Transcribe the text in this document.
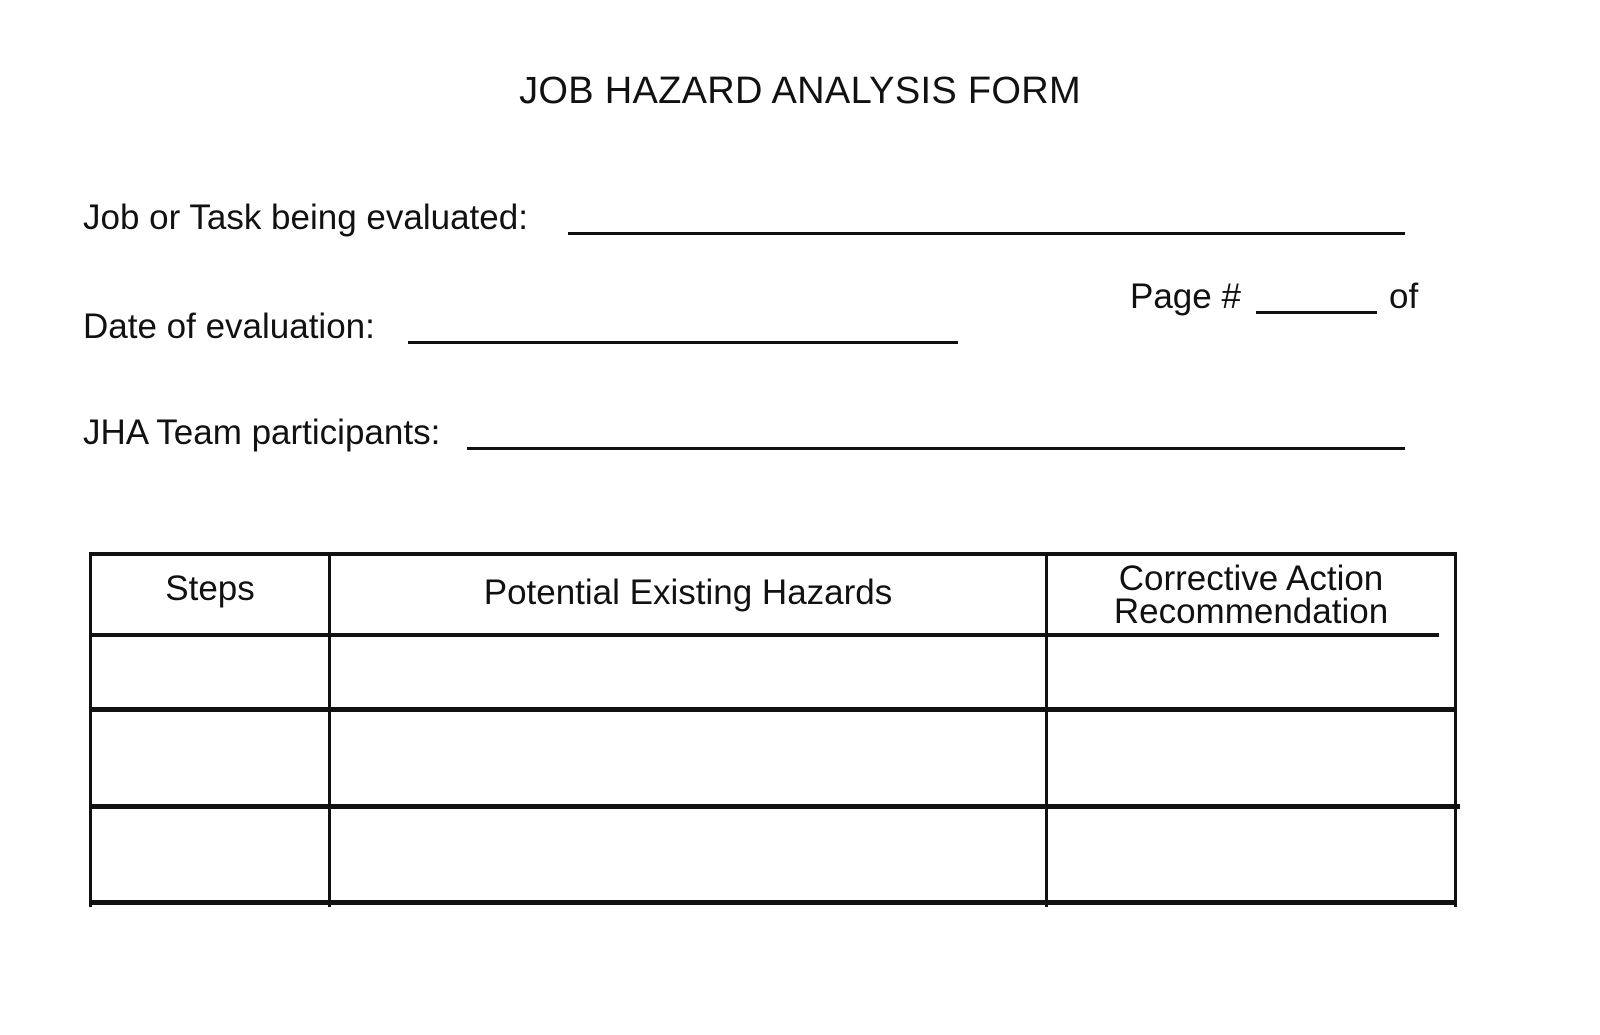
JOB HAZARD ANALYSIS FORM
Job or Task being evaluated:
Page #	of
Date of evaluation:
JHA Team participants:
Steps	Potential Existing Hazards	Corrective Action
Recommendation
